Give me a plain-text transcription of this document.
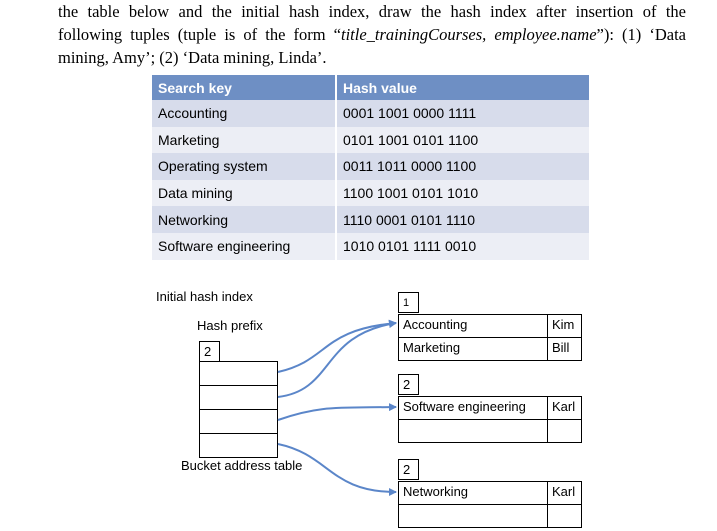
the table below and the initial hash index, draw the hash index after insertion of the
following tuples (tuple is of the form “title_trainingCourses, employee.name”): (1) ‘Data
mining, Amy’; (2) ‘Data mining, Linda’.
Search key	Hash value
Accounting	0001 1001 0000 1111
Marketing	0101 1001 0101 1100
Operating system	0011 1011 0000 1100
Data mining	1100 1001 0101 1010
Networking	1110 0001 0101 1110
Software engineering	1010 0101 1111 0010
Initial hash index
Hash prefix
2
Bucket address table
1
Accounting	Kim
Marketing	Bill
2
Software engineering	Karl
2
Networking	Karl
